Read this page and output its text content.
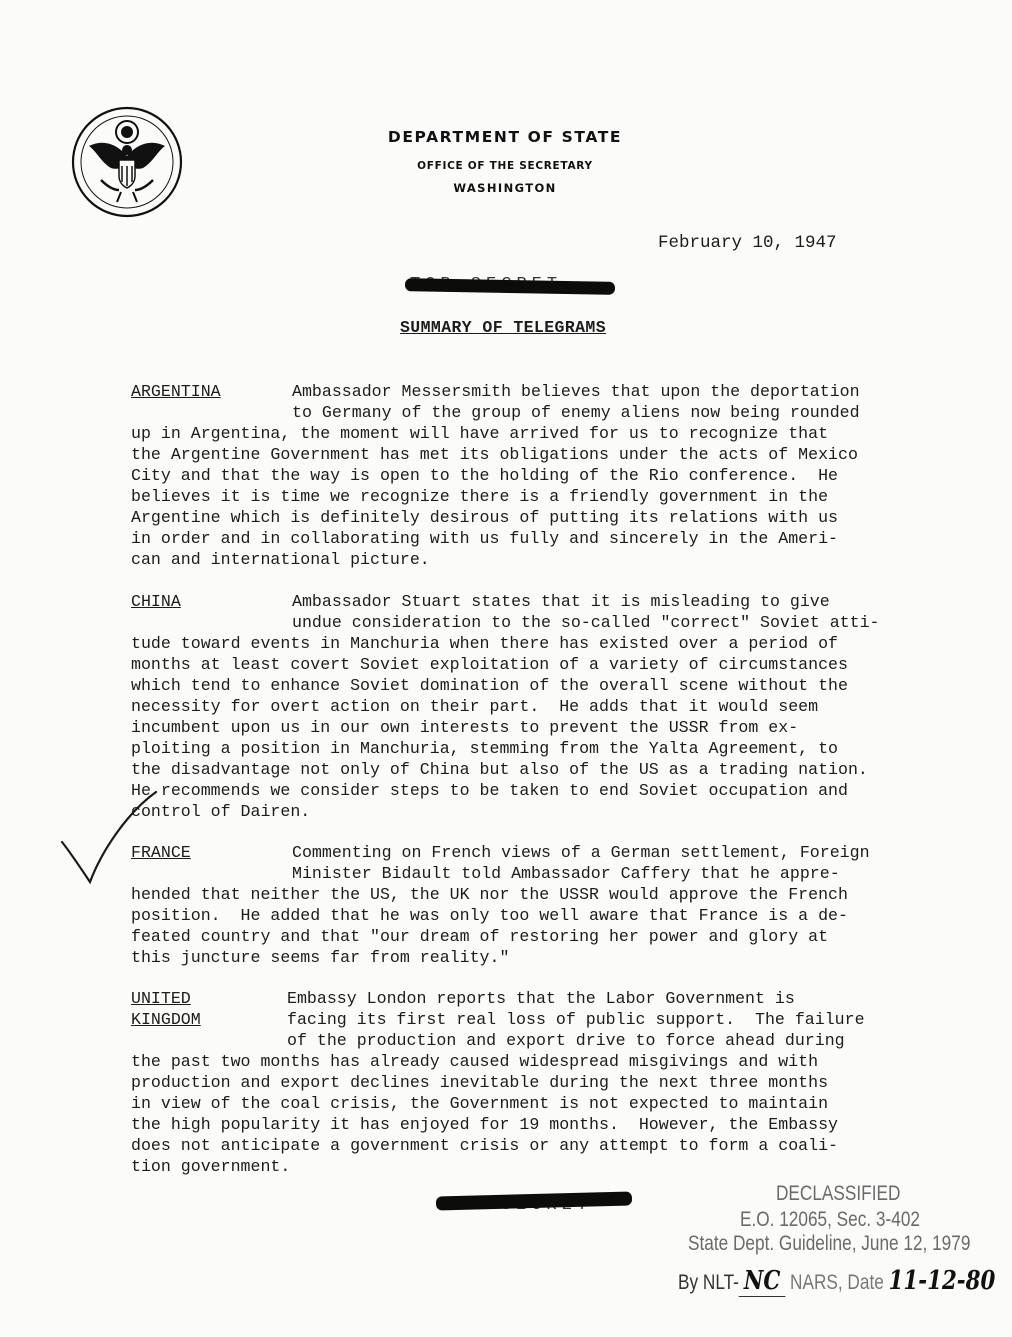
DEPARTMENT OF STATE
OFFICE OF THE SECRETARY
WASHINGTON
February 10, 1947
SUMMARY OF TELEGRAMS
ARGENTINA	Ambassador Messersmith believes that upon the deportation
to Germany of the group of enemy aliens now being rounded
up in Argentina, the moment will have arrived for us to recognize that
the Argentine Government has met its obligations under the acts of Mexico
City and that the way is open to the holding of the Rio conference.  He
believes it is time we recognize there is a friendly government in the
Argentine which is definitely desirous of putting its relations with us
in order and in collaborating with us fully and sincerely in the Ameri-
can and international picture.
CHINA	Ambassador Stuart states that it is misleading to give
undue consideration to the so-called "correct" Soviet atti-
tude toward events in Manchuria when there has existed over a period of
months at least covert Soviet exploitation of a variety of circumstances
which tend to enhance Soviet domination of the overall scene without the
necessity for overt action on their part.  He adds that it would seem
incumbent upon us in our own interests to prevent the USSR from ex-
ploiting a position in Manchuria, stemming from the Yalta Agreement, to
the disadvantage not only of China but also of the US as a trading nation.
He recommends we consider steps to be taken to end Soviet occupation and
control of Dairen.
FRANCE	Commenting on French views of a German settlement, Foreign
Minister Bidault told Ambassador Caffery that he appre-
hended that neither the US, the UK nor the USSR would approve the French
position.  He added that he was only too well aware that France is a de-
feated country and that "our dream of restoring her power and glory at
this juncture seems far from reality."
UNITED
KINGDOM
Embassy London reports that the Labor Government is
facing its first real loss of public support.  The failure
of the production and export drive to force ahead during
the past two months has already caused widespread misgivings and with
production and export declines inevitable during the next three months
in view of the coal crisis, the Government is not expected to maintain
the high popularity it has enjoyed for 19 months.  However, the Embassy
does not anticipate a government crisis or any attempt to form a coali-
tion government.
DECLASSIFIED
E.O. 12065, Sec. 3-402
State Dept. Guideline, June 12, 1979
By NLT- NC NARS, Date 11-12-80
